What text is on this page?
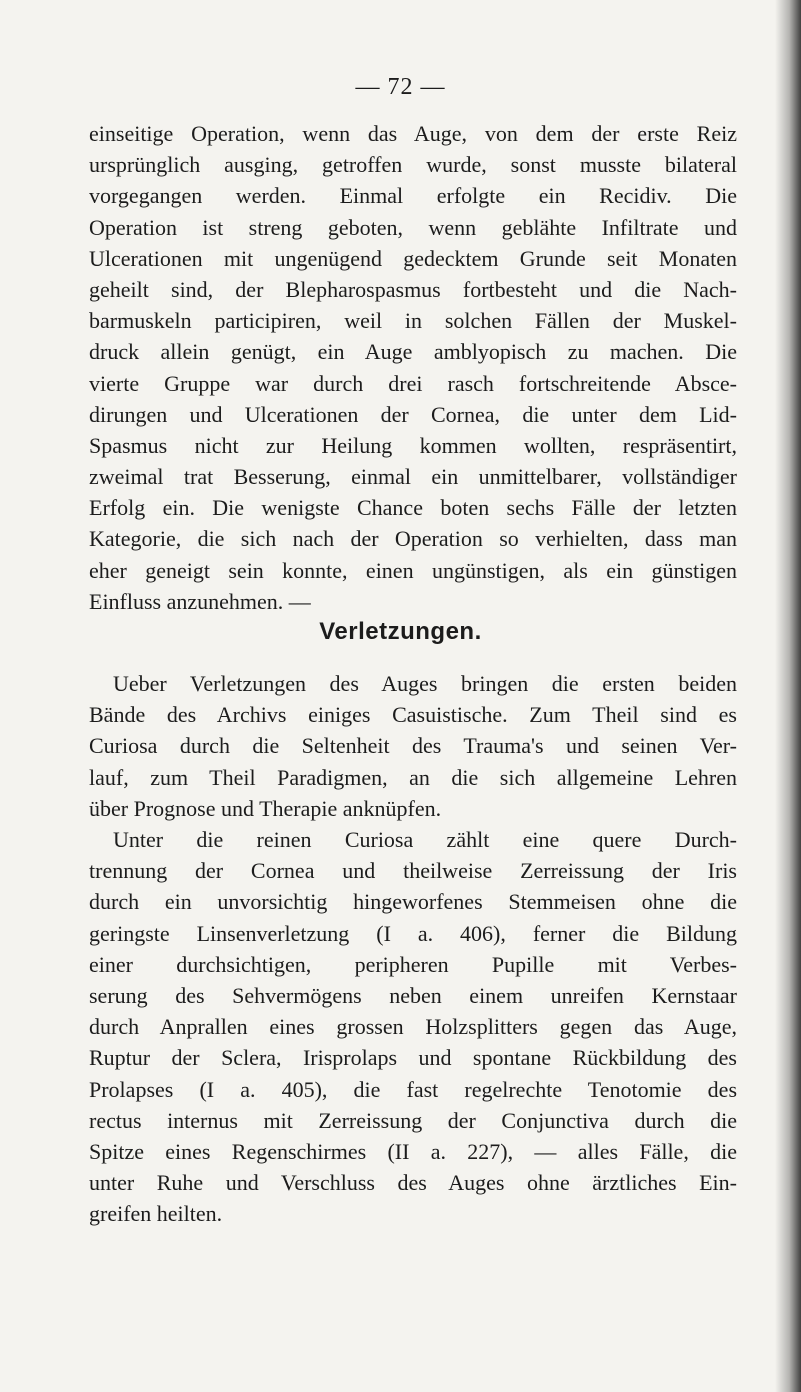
— 72 —
einseitige Operation, wenn das Auge, von dem der erste Reiz
ursprünglich ausging, getroffen wurde, sonst musste bilateral
vorgegangen werden. Einmal erfolgte ein Recidiv. Die
Operation ist streng geboten, wenn geblähte Infiltrate und
Ulcerationen mit ungenügend gedecktem Grunde seit Monaten
geheilt sind, der Blepharospasmus fortbesteht und die Nach-
barmuskeln participiren, weil in solchen Fällen der Muskel-
druck allein genügt, ein Auge amblyopisch zu machen. Die
vierte Gruppe war durch drei rasch fortschreitende Absce-
dirungen und Ulcerationen der Cornea, die unter dem Lid-
Spasmus nicht zur Heilung kommen wollten, respräsentirt,
zweimal trat Besserung, einmal ein unmittelbarer, vollständiger
Erfolg ein. Die wenigste Chance boten sechs Fälle der letzten
Kategorie, die sich nach der Operation so verhielten, dass man
eher geneigt sein konnte, einen ungünstigen, als ein günstigen
Einfluss anzunehmen. —
Verletzungen.
Ueber Verletzungen des Auges bringen die ersten beiden
Bände des Archivs einiges Casuistische. Zum Theil sind es
Curiosa durch die Seltenheit des Trauma's und seinen Ver-
lauf, zum Theil Paradigmen, an die sich allgemeine Lehren
über Prognose und Therapie anknüpfen.
Unter die reinen Curiosa zählt eine quere Durch-
trennung der Cornea und theilweise Zerreissung der Iris
durch ein unvorsichtig hingeworfenes Stemmeisen ohne die
geringste Linsenverletzung (I a. 406), ferner die Bildung
einer durchsichtigen, peripheren Pupille mit Verbes-
serung des Sehvermögens neben einem unreifen Kernstaar
durch Anprallen eines grossen Holzsplitters gegen das Auge,
Ruptur der Sclera, Irisprolaps und spontane Rückbildung des
Prolapses (I a. 405), die fast regelrechte Tenotomie des
rectus internus mit Zerreissung der Conjunctiva durch die
Spitze eines Regenschirmes (II a. 227), — alles Fälle, die
unter Ruhe und Verschluss des Auges ohne ärztliches Ein-
greifen heilten.
